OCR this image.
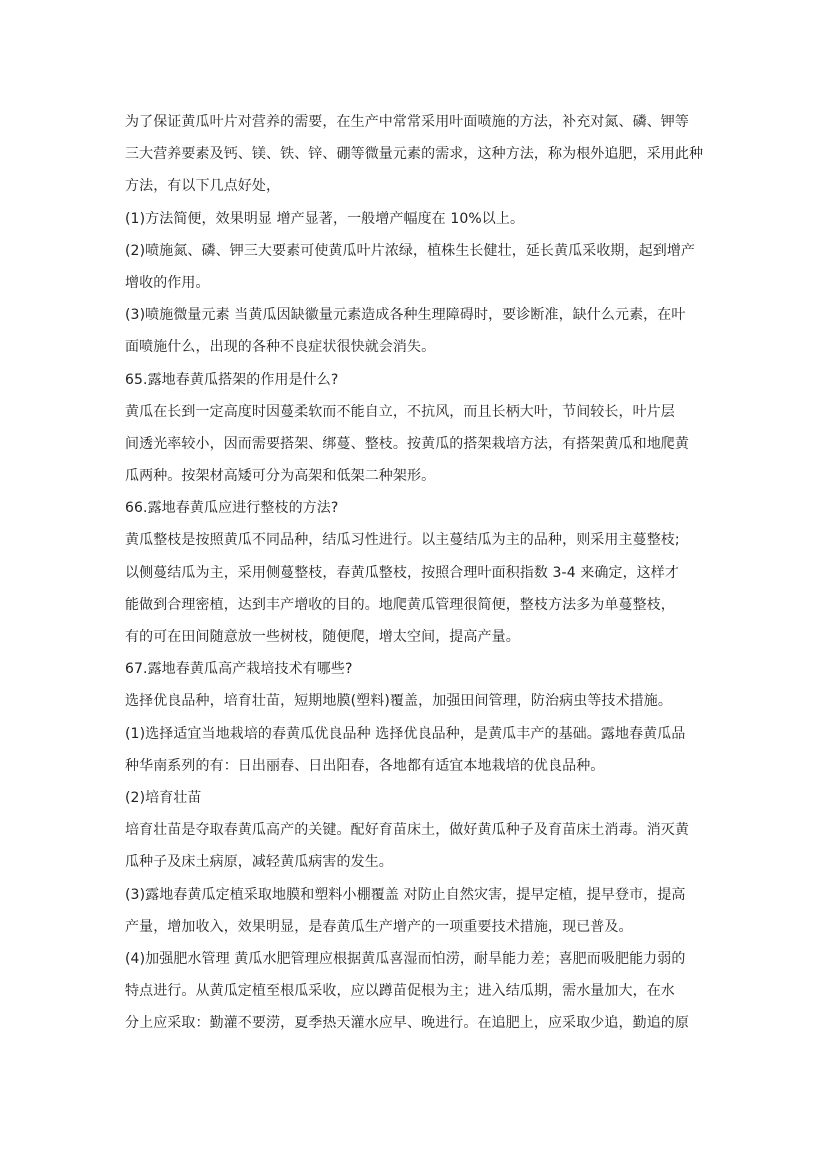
为了保证黄瓜叶片对营养的需要，在生产中常常采用叶面喷施的方法，补充对氮、磷、钾等
三大营养要素及钙、镁、铁、锌、硼等微量元素的需求，这种方法，称为根外追肥，采用此种
方法，有以下几点好处，
(1)方法简便，效果明显 增产显著，一般增产幅度在 10%以上。
(2)喷施氮、磷、钾三大要素可使黄瓜叶片浓绿，植株生长健壮，延长黄瓜采收期，起到增产
增收的作用。
(3)喷施微量元素 当黄瓜因缺徽量元素造成各种生理障碍时，要诊断准，缺什么元素，在叶
面喷施什么，出现的各种不良症状很快就会消失。
65.露地春黄瓜搭架的作用是什么?
黄瓜在长到一定高度时因蔓柔软而不能自立，不抗风，而且长柄大叶，节间较长，叶片层
间透光率较小，因而需要搭架、绑蔓、整枝。按黄瓜的搭架栽培方法，有搭架黄瓜和地爬黄
瓜两种。按架材高矮可分为高架和低架二种架形。
66.露地春黄瓜应进行整枝的方法?
黄瓜整枝是按照黄瓜不同品种，结瓜习性进行。以主蔓结瓜为主的品种，则采用主蔓整枝;
以侧蔓结瓜为主，采用侧蔓整枝，春黄瓜整枝，按照合理叶面积指数 3-4 来确定，这样才
能做到合理密植，达到丰产增收的目的。地爬黄瓜管理很简便，整枝方法多为单蔓整枝，
有的可在田间随意放一些树枝，随便爬，增太空间，提高产量。
67.露地春黄瓜高产栽培技术有哪些?
选择优良品种，培育壮苗，短期地膜(塑料)覆盖，加强田间管理，防治病虫等技术措施。
(1)选择适宜当地栽培的春黄瓜优良品种 选择优良品种，是黄瓜丰产的基础。露地春黄瓜品
种华南系列的有：日出丽春、日出阳春，各地都有适宜本地栽培的优良品种。
(2)培育壮苗
培育壮苗是夺取春黄瓜高产的关键。配好育苗床土，做好黄瓜种子及育苗床土消毒。消灭黄
瓜种子及床土病原，减轻黄瓜病害的发生。
(3)露地春黄瓜定植采取地膜和塑料小棚覆盖 对防止自然灾害，提早定植，提早登市，提高
产量，增加收入，效果明显，是春黄瓜生产增产的一项重要技术措施，现已普及。
(4)加强肥水管理 黄瓜水肥管理应根据黄瓜喜湿而怕涝，耐旱能力差；喜肥而吸肥能力弱的
特点进行。从黄瓜定植至根瓜采收，应以蹲苗促根为主；进入结瓜期，需水量加大，在水
分上应采取：勤灌不要涝，夏季热天灌水应早、晚进行。在追肥上，应采取少追，勤追的原
